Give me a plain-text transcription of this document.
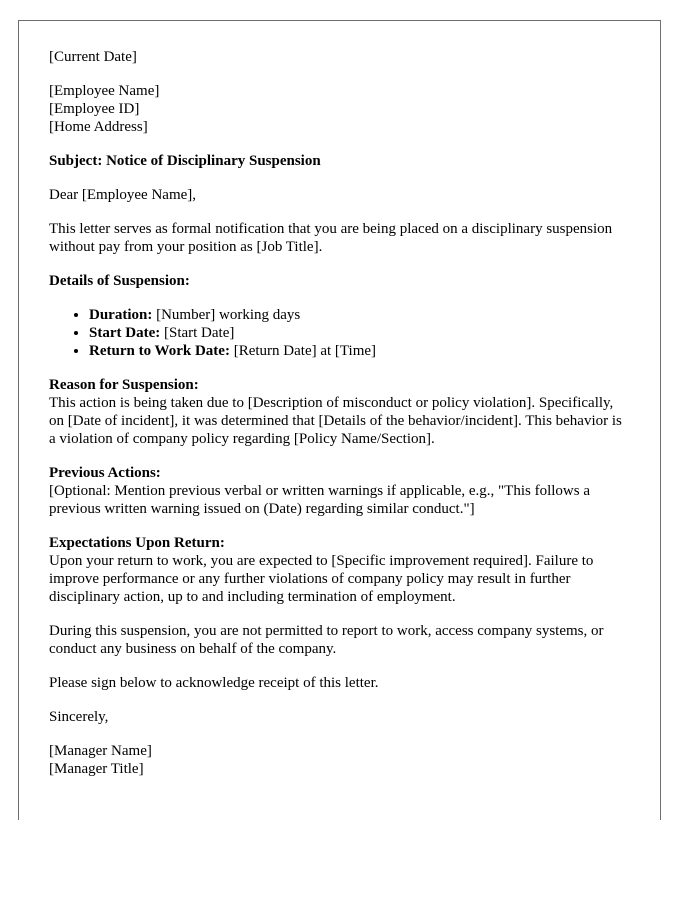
[Current Date]

[Employee Name]
[Employee ID]
[Home Address]

Subject: Notice of Disciplinary Suspension

Dear [Employee Name],

This letter serves as formal notification that you are being placed on a disciplinary suspension without pay from your position as [Job Title].

Details of Suspension:

• Duration: [Number] working days
• Start Date: [Start Date]
• Return to Work Date: [Return Date] at [Time]
Reason for Suspension:
This action is being taken due to [Description of misconduct or policy violation]. Specifically, on [Date of incident], it was determined that [Details of the behavior/incident]. This behavior is a violation of company policy regarding [Policy Name/Section].
Previous Actions:
[Optional: Mention previous verbal or written warnings if applicable, e.g., "This follows a previous written warning issued on (Date) regarding similar conduct."]
Expectations Upon Return:
Upon your return to work, you are expected to [Specific improvement required]. Failure to improve performance or any further violations of company policy may result in further disciplinary action, up to and including termination of employment.

During this suspension, you are not permitted to report to work, access company systems, or conduct any business on behalf of the company.

Please sign below to acknowledge receipt of this letter.

Sincerely,

[Manager Name]
[Manager Title]
